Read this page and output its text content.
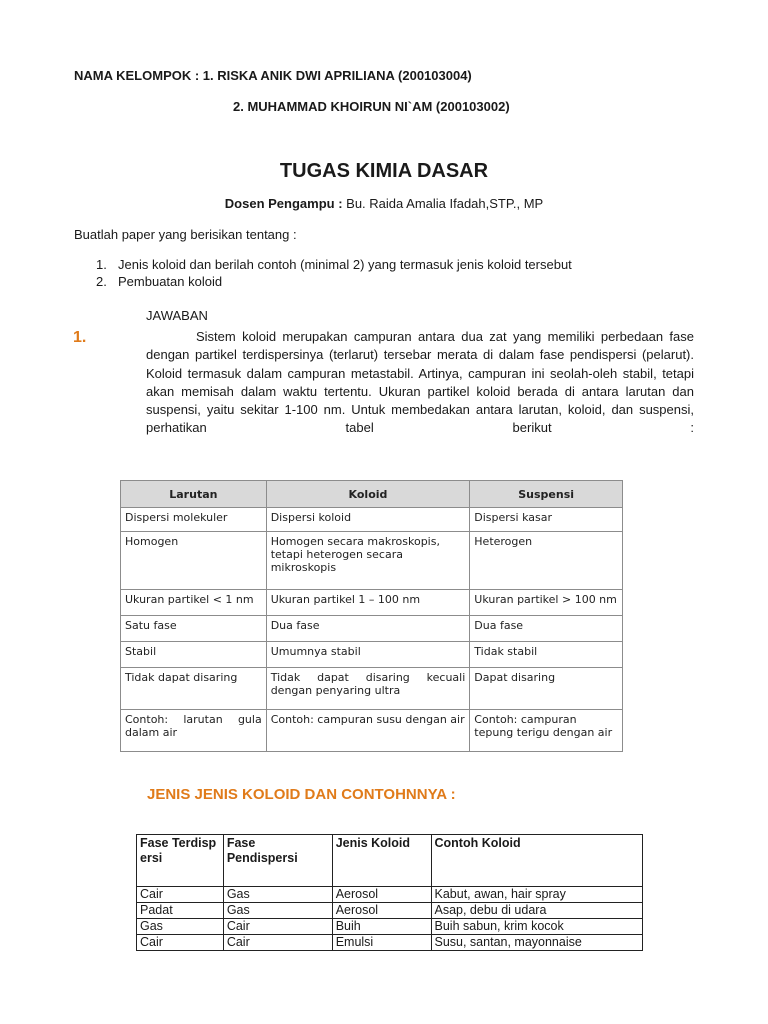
NAMA KELOMPOK : 1. RISKA ANIK DWI APRILIANA (200103004)
2. MUHAMMAD KHOIRUN NI`AM (200103002)
TUGAS KIMIA DASAR
Dosen Pengampu : Bu. Raida Amalia Ifadah,STP., MP
Buatlah paper yang berisikan tentang :
1. Jenis koloid dan berilah contoh (minimal 2) yang termasuk jenis koloid tersebut
2. Pembuatan koloid
JAWABAN
1.	Sistem koloid merupakan campuran antara dua zat yang memiliki perbedaan fase dengan partikel terdispersinya (terlarut) tersebar merata di dalam fase pendispersi (pelarut). Koloid termasuk dalam campuran metastabil. Artinya, campuran ini seolah-oleh stabil, tetapi akan memisah dalam waktu tertentu. Ukuran partikel koloid berada di antara larutan dan suspensi, yaitu sekitar 1-100 nm. Untuk membedakan antara larutan, koloid, dan suspensi, perhatikan tabel berikut :
Larutan	Koloid	Suspensi
Dispersi molekuler	Dispersi koloid	Dispersi kasar
Homogen	Homogen secara makroskopis, tetapi heterogen secara mikroskopis	Heterogen
Ukuran partikel < 1 nm	Ukuran partikel 1 – 100 nm	Ukuran partikel > 100 nm
Satu fase	Dua fase	Dua fase
Stabil	Umumnya stabil	Tidak stabil
Tidak dapat disaring	Tidak dapat disaring kecuali dengan penyaring ultra	Dapat disaring
Contoh: larutan gula dalam air	Contoh: campuran susu dengan air	Contoh: campuran tepung terigu dengan air
JENIS JENIS KOLOID DAN CONTOHNNYA :
Fase Terdispersi	Fase Pendispersi	Jenis Koloid	Contoh Koloid
Cair	Gas	Aerosol	Kabut, awan, hair spray
Padat	Gas	Aerosol	Asap, debu di udara
Gas	Cair	Buih	Buih sabun, krim kocok
Cair	Cair	Emulsi	Susu, santan, mayonnaise
